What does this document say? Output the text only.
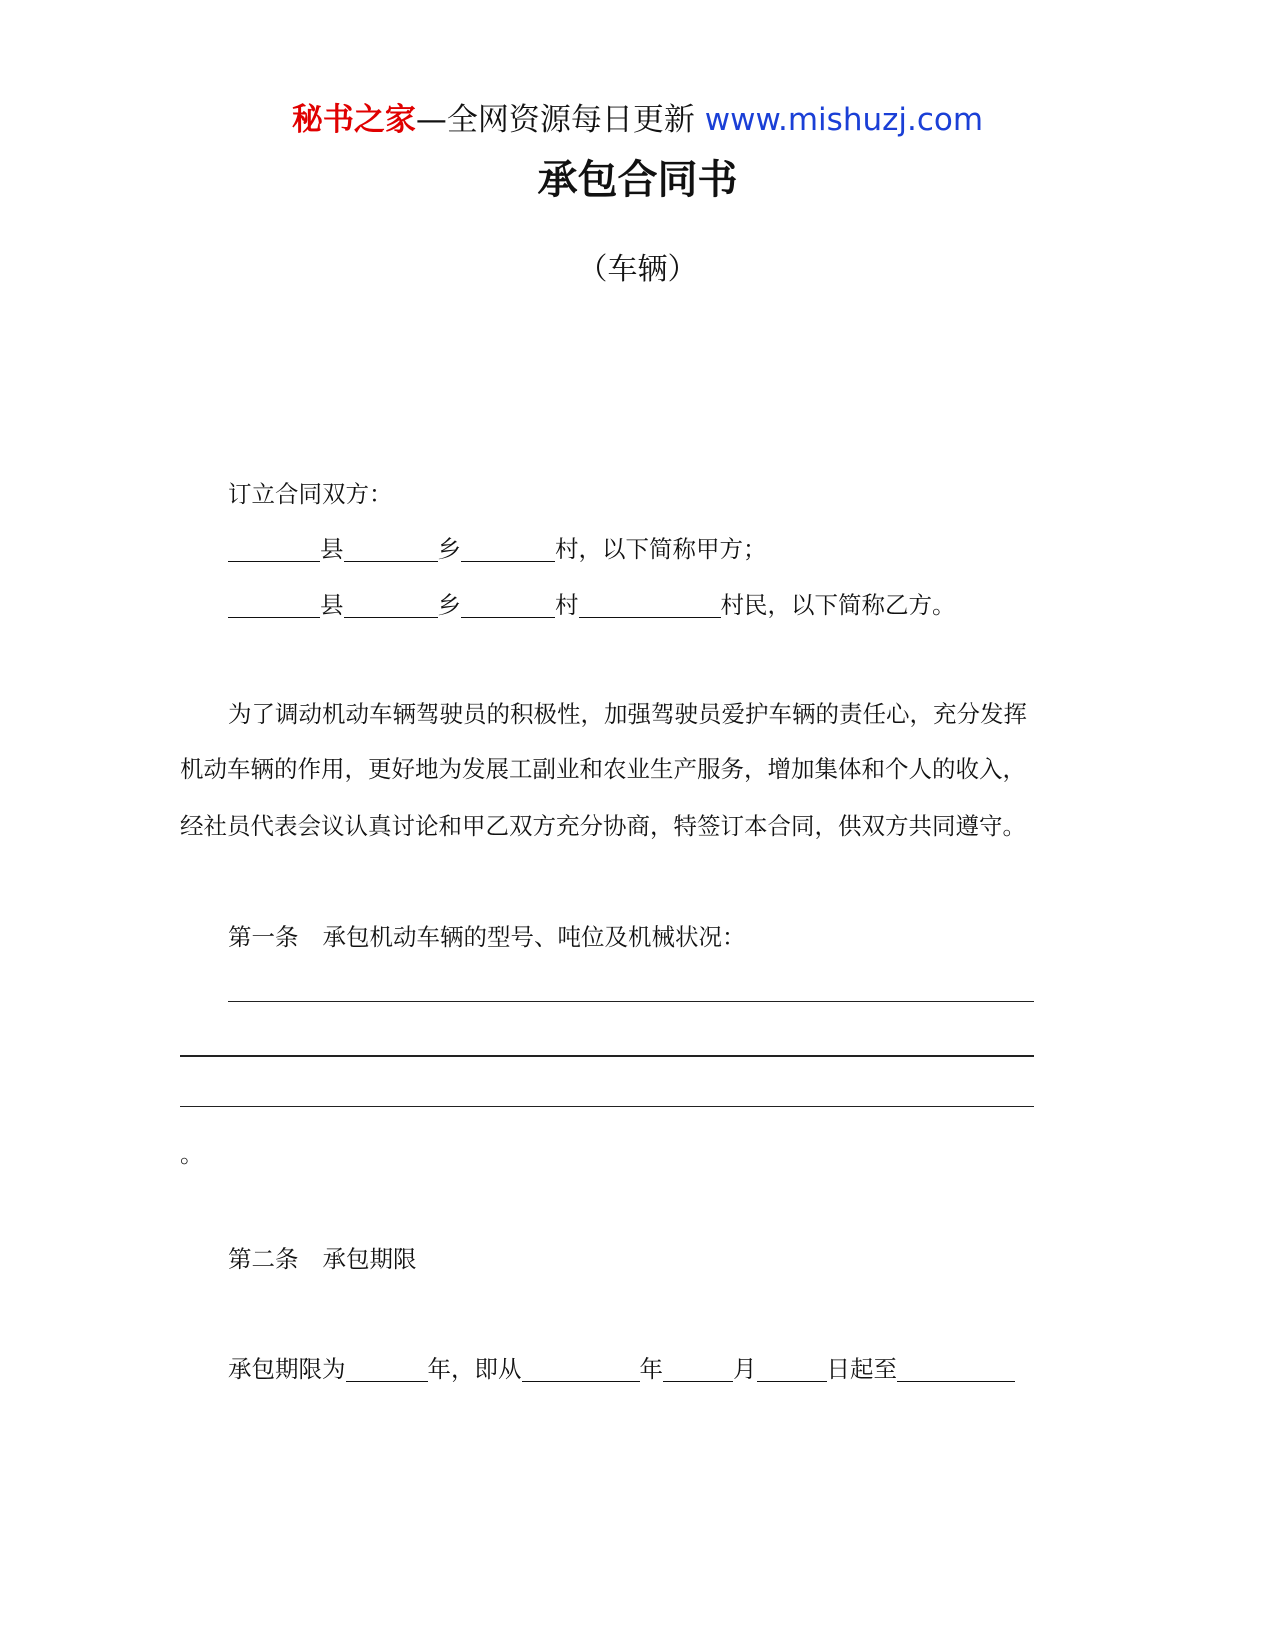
秘书之家—全网资源每日更新 www.mishuzj.com
承包合同书
（车辆）
订立合同双方：
县	乡	村，以下简称甲方；
县	乡	村	村民，以下简称乙方。
为了调动机动车辆驾驶员的积极性，加强驾驶员爱护车辆的责任心，充分发挥
机动车辆的作用，更好地为发展工副业和农业生产服务，增加集体和个人的收入，
经社员代表会议认真讨论和甲乙双方充分协商，特签订本合同，供双方共同遵守。
第一条 承包机动车辆的型号、吨位及机械状况：
。
第二条 承包期限
承包期限为	年，即从	年	月	日起至
